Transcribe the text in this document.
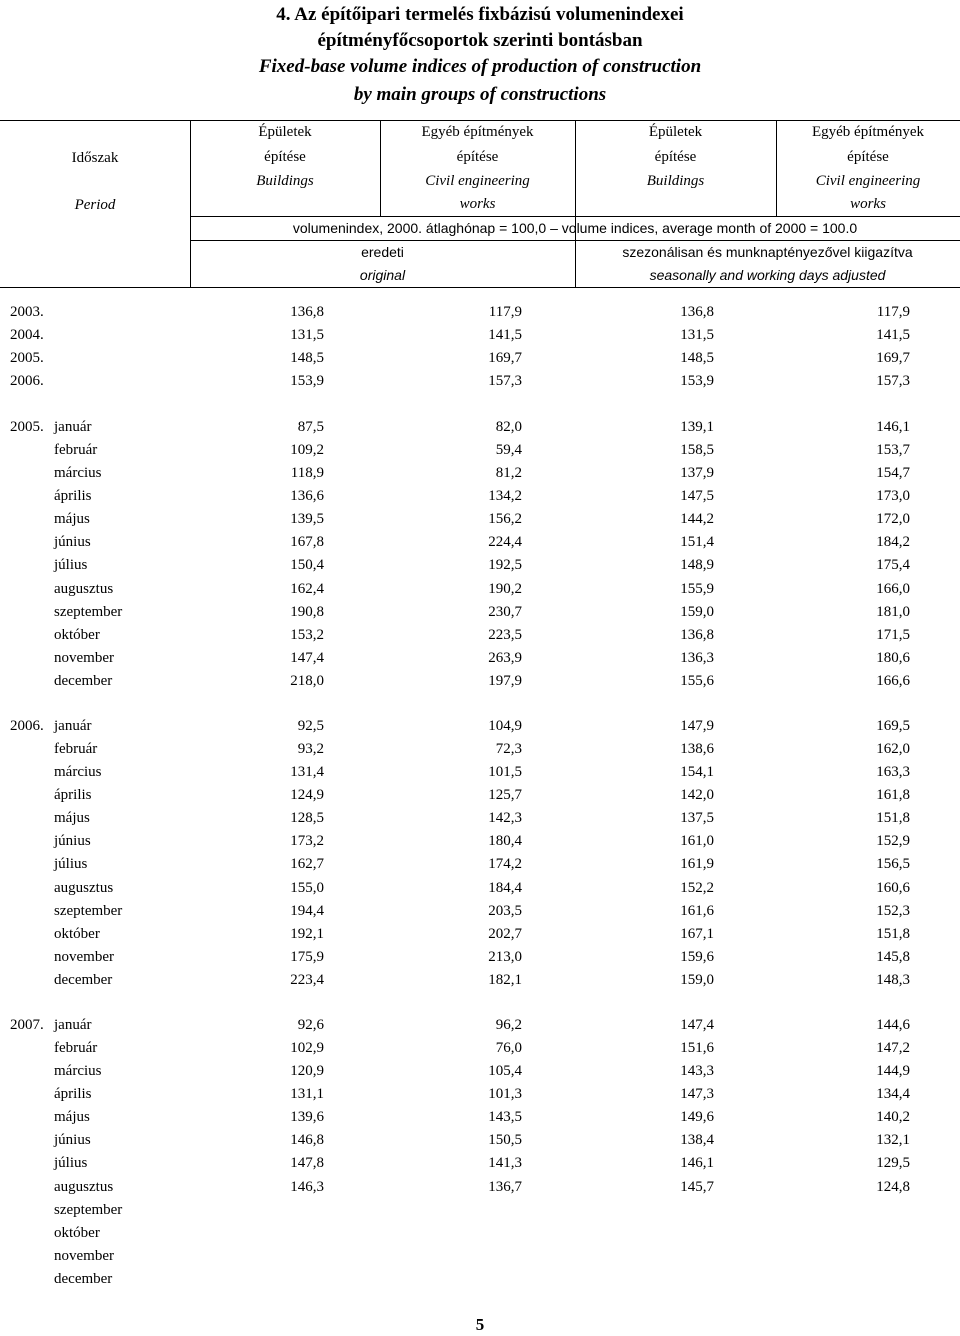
4. Az építőipari termelés fixbázisú volumenindexei
építményfőcsoportok szerinti bontásban
Fixed-base volume indices of production of construction
by main groups of constructions
Időszak
Period
Épületek
építése
Buildings
Egyéb építmények
építése
Civil engineering
works
Épületek
építése
Buildings
Egyéb építmények
építése
Civil engineering
works
volumenindex, 2000. átlaghónap = 100,0 – volume indices, average month of 2000 = 100.0
eredeti
original
szezonálisan és munknaptényezővel kiigazítva
seasonally and working days adjusted
2003.	136,8	117,9	136,8	117,9
2004.	131,5	141,5	131,5	141,5
2005.	148,5	169,7	148,5	169,7
2006.	153,9	157,3	153,9	157,3
2005. január	87,5	82,0	139,1	146,1
február	109,2	59,4	158,5	153,7
március	118,9	81,2	137,9	154,7
április	136,6	134,2	147,5	173,0
május	139,5	156,2	144,2	172,0
június	167,8	224,4	151,4	184,2
július	150,4	192,5	148,9	175,4
augusztus	162,4	190,2	155,9	166,0
szeptember	190,8	230,7	159,0	181,0
október	153,2	223,5	136,8	171,5
november	147,4	263,9	136,3	180,6
december	218,0	197,9	155,6	166,6
2006. január	92,5	104,9	147,9	169,5
február	93,2	72,3	138,6	162,0
március	131,4	101,5	154,1	163,3
április	124,9	125,7	142,0	161,8
május	128,5	142,3	137,5	151,8
június	173,2	180,4	161,0	152,9
július	162,7	174,2	161,9	156,5
augusztus	155,0	184,4	152,2	160,6
szeptember	194,4	203,5	161,6	152,3
október	192,1	202,7	167,1	151,8
november	175,9	213,0	159,6	145,8
december	223,4	182,1	159,0	148,3
2007. január	92,6	96,2	147,4	144,6
február	102,9	76,0	151,6	147,2
március	120,9	105,4	143,3	144,9
április	131,1	101,3	147,3	134,4
május	139,6	143,5	149,6	140,2
június	146,8	150,5	138,4	132,1
július	147,8	141,3	146,1	129,5
augusztus	146,3	136,7	145,7	124,8
szeptember
október
november
december
5
